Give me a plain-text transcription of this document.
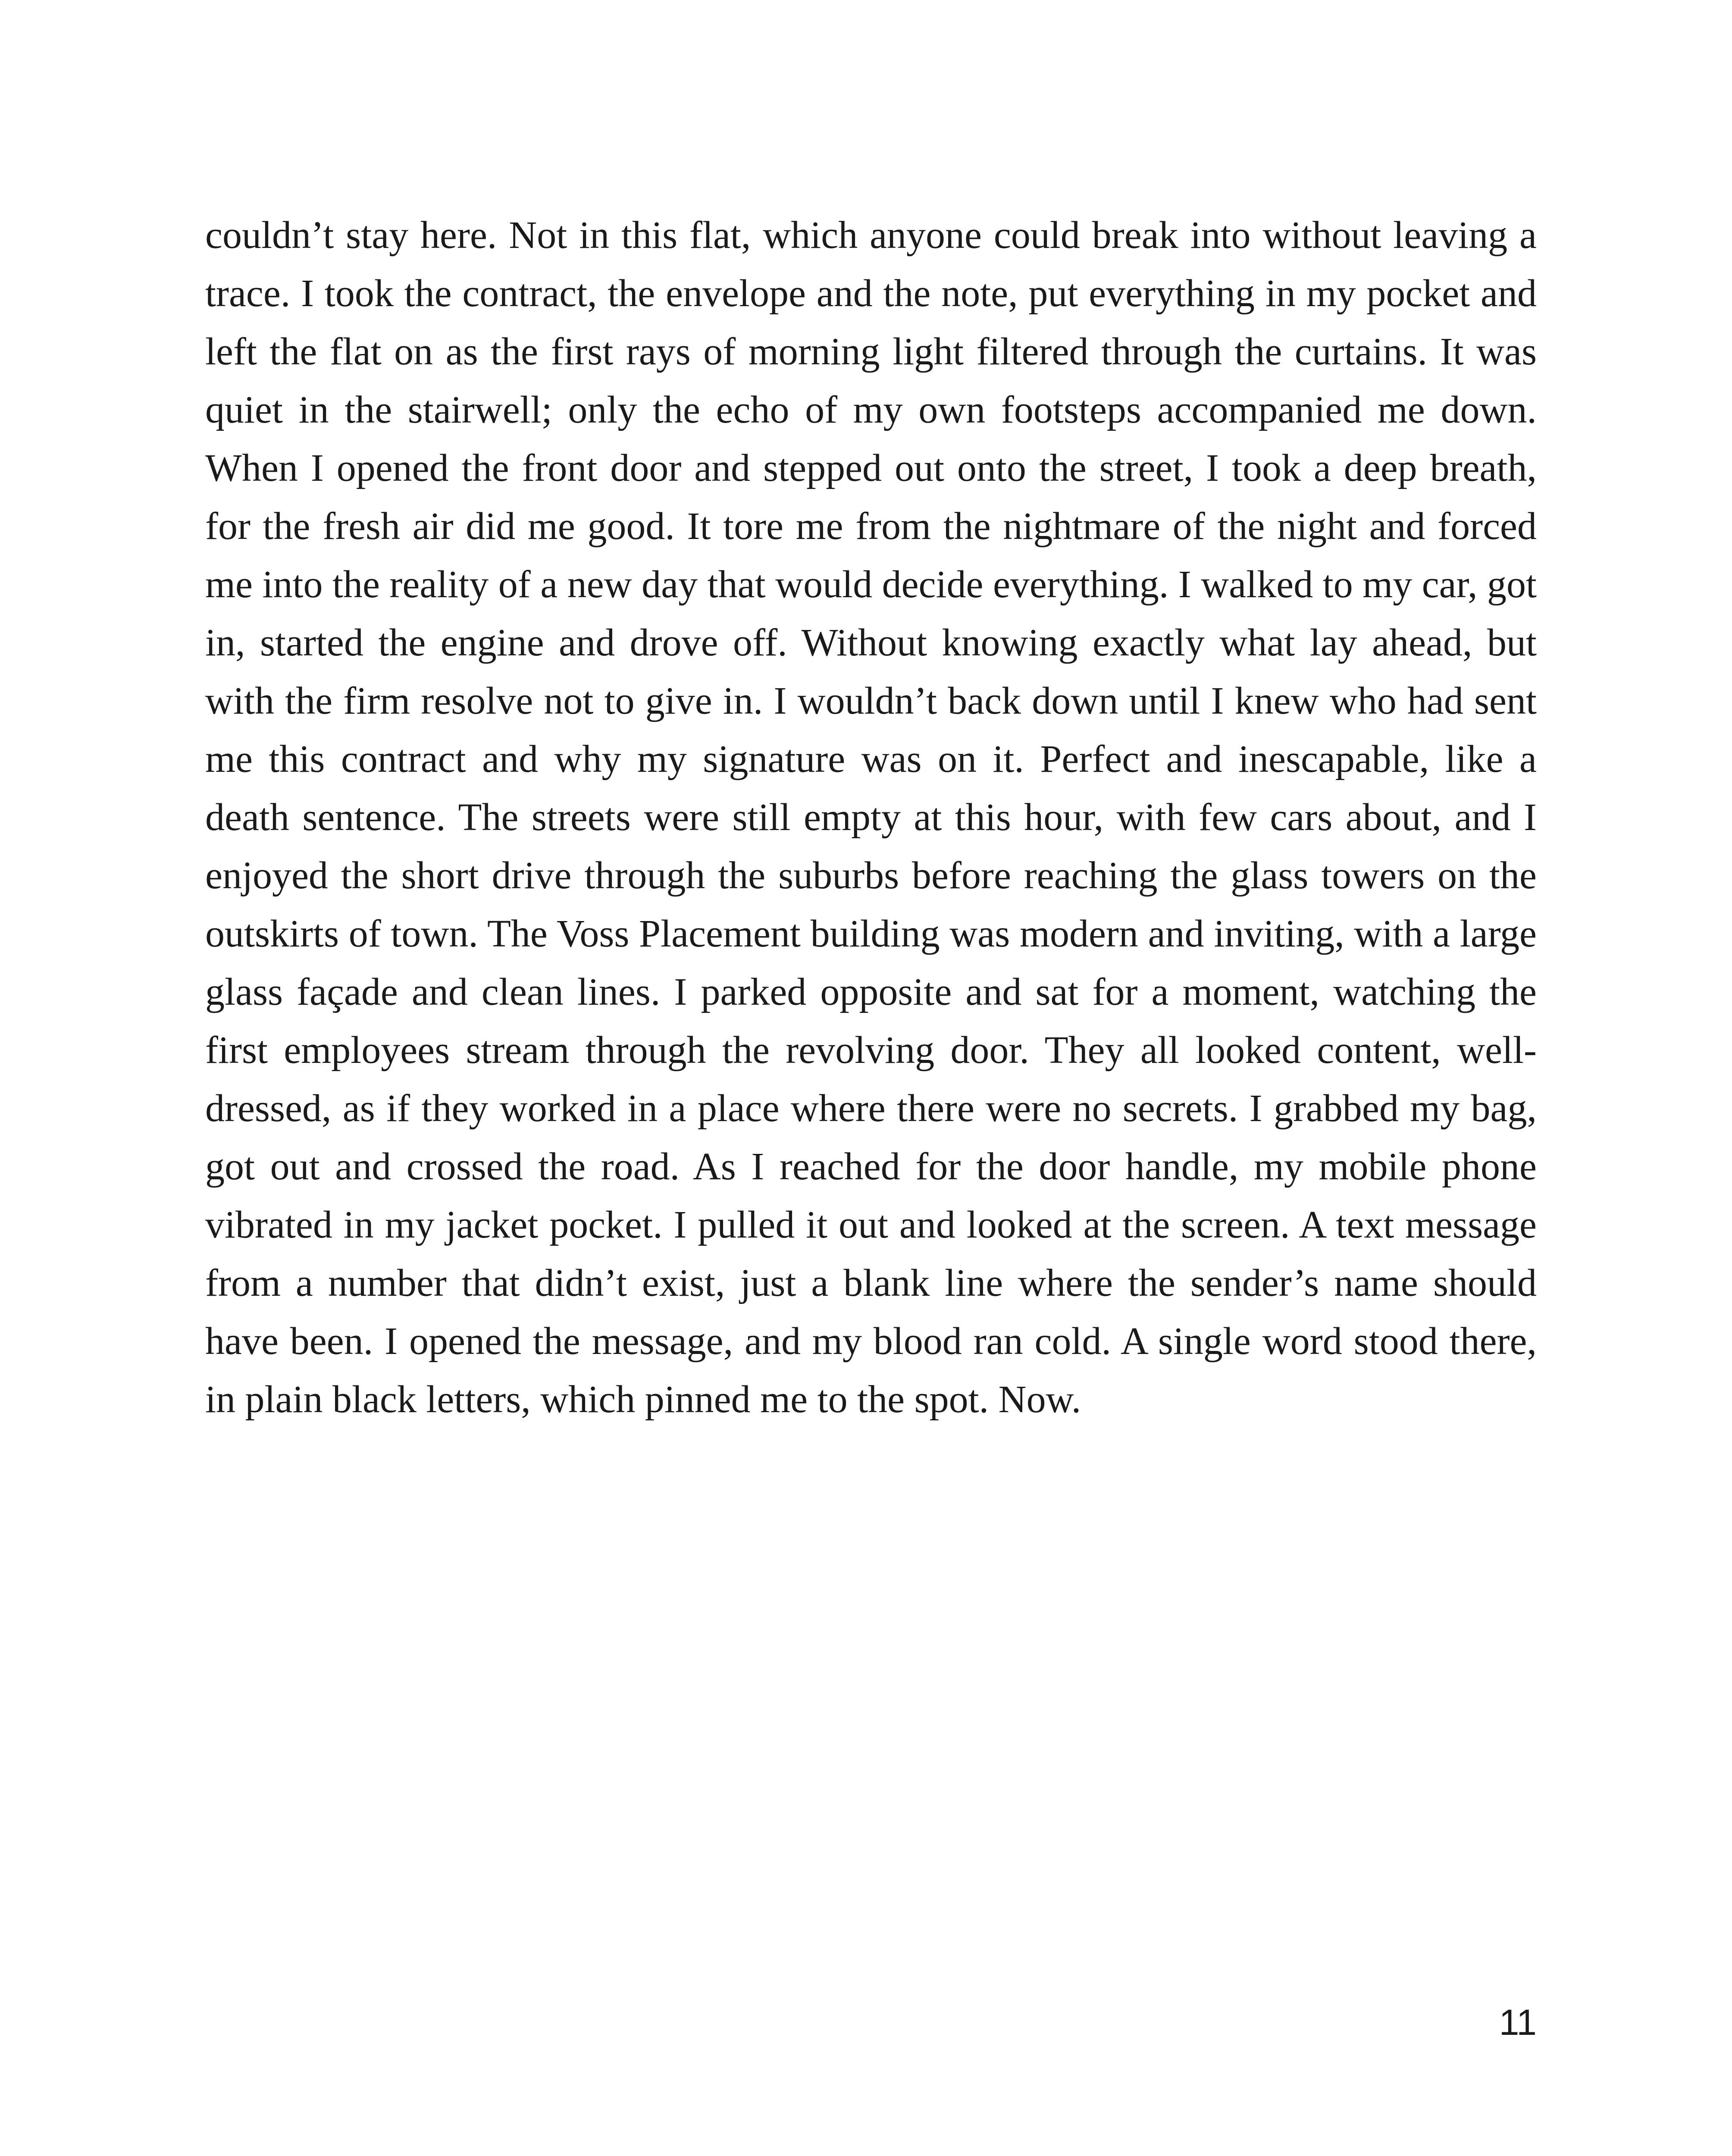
couldn’t stay here. Not in this flat, which anyone could break into without leaving a trace. I took the contract, the envelope and the note, put everything in my pocket and left the flat on as the first rays of morning light filtered through the curtains. It was quiet in the stairwell; only the echo of my own footsteps accompanied me down. When I opened the front door and stepped out onto the street, I took a deep breath, for the fresh air did me good. It tore me from the nightmare of the night and forced me into the reality of a new day that would decide everything. I walked to my car, got in, started the engine and drove off. Without knowing exactly what lay ahead, but with the firm resolve not to give in. I wouldn’t back down until I knew who had sent me this contract and why my signature was on it. Perfect and inescapable, like a death sentence. The streets were still empty at this hour, with few cars about, and I enjoyed the short drive through the suburbs before reaching the glass towers on the outskirts of town. The Voss Placement building was modern and inviting, with a large glass façade and clean lines. I parked opposite and sat for a moment, watching the first employees stream through the revolving door. They all looked content, well-dressed, as if they worked in a place where there were no secrets. I grabbed my bag, got out and crossed the road. As I reached for the door handle, my mobile phone vibrated in my jacket pocket. I pulled it out and looked at the screen. A text message from a number that didn’t exist, just a blank line where the sender’s name should have been. I opened the message, and my blood ran cold. A single word stood there, in plain black letters, which pinned me to the spot. Now.

11
